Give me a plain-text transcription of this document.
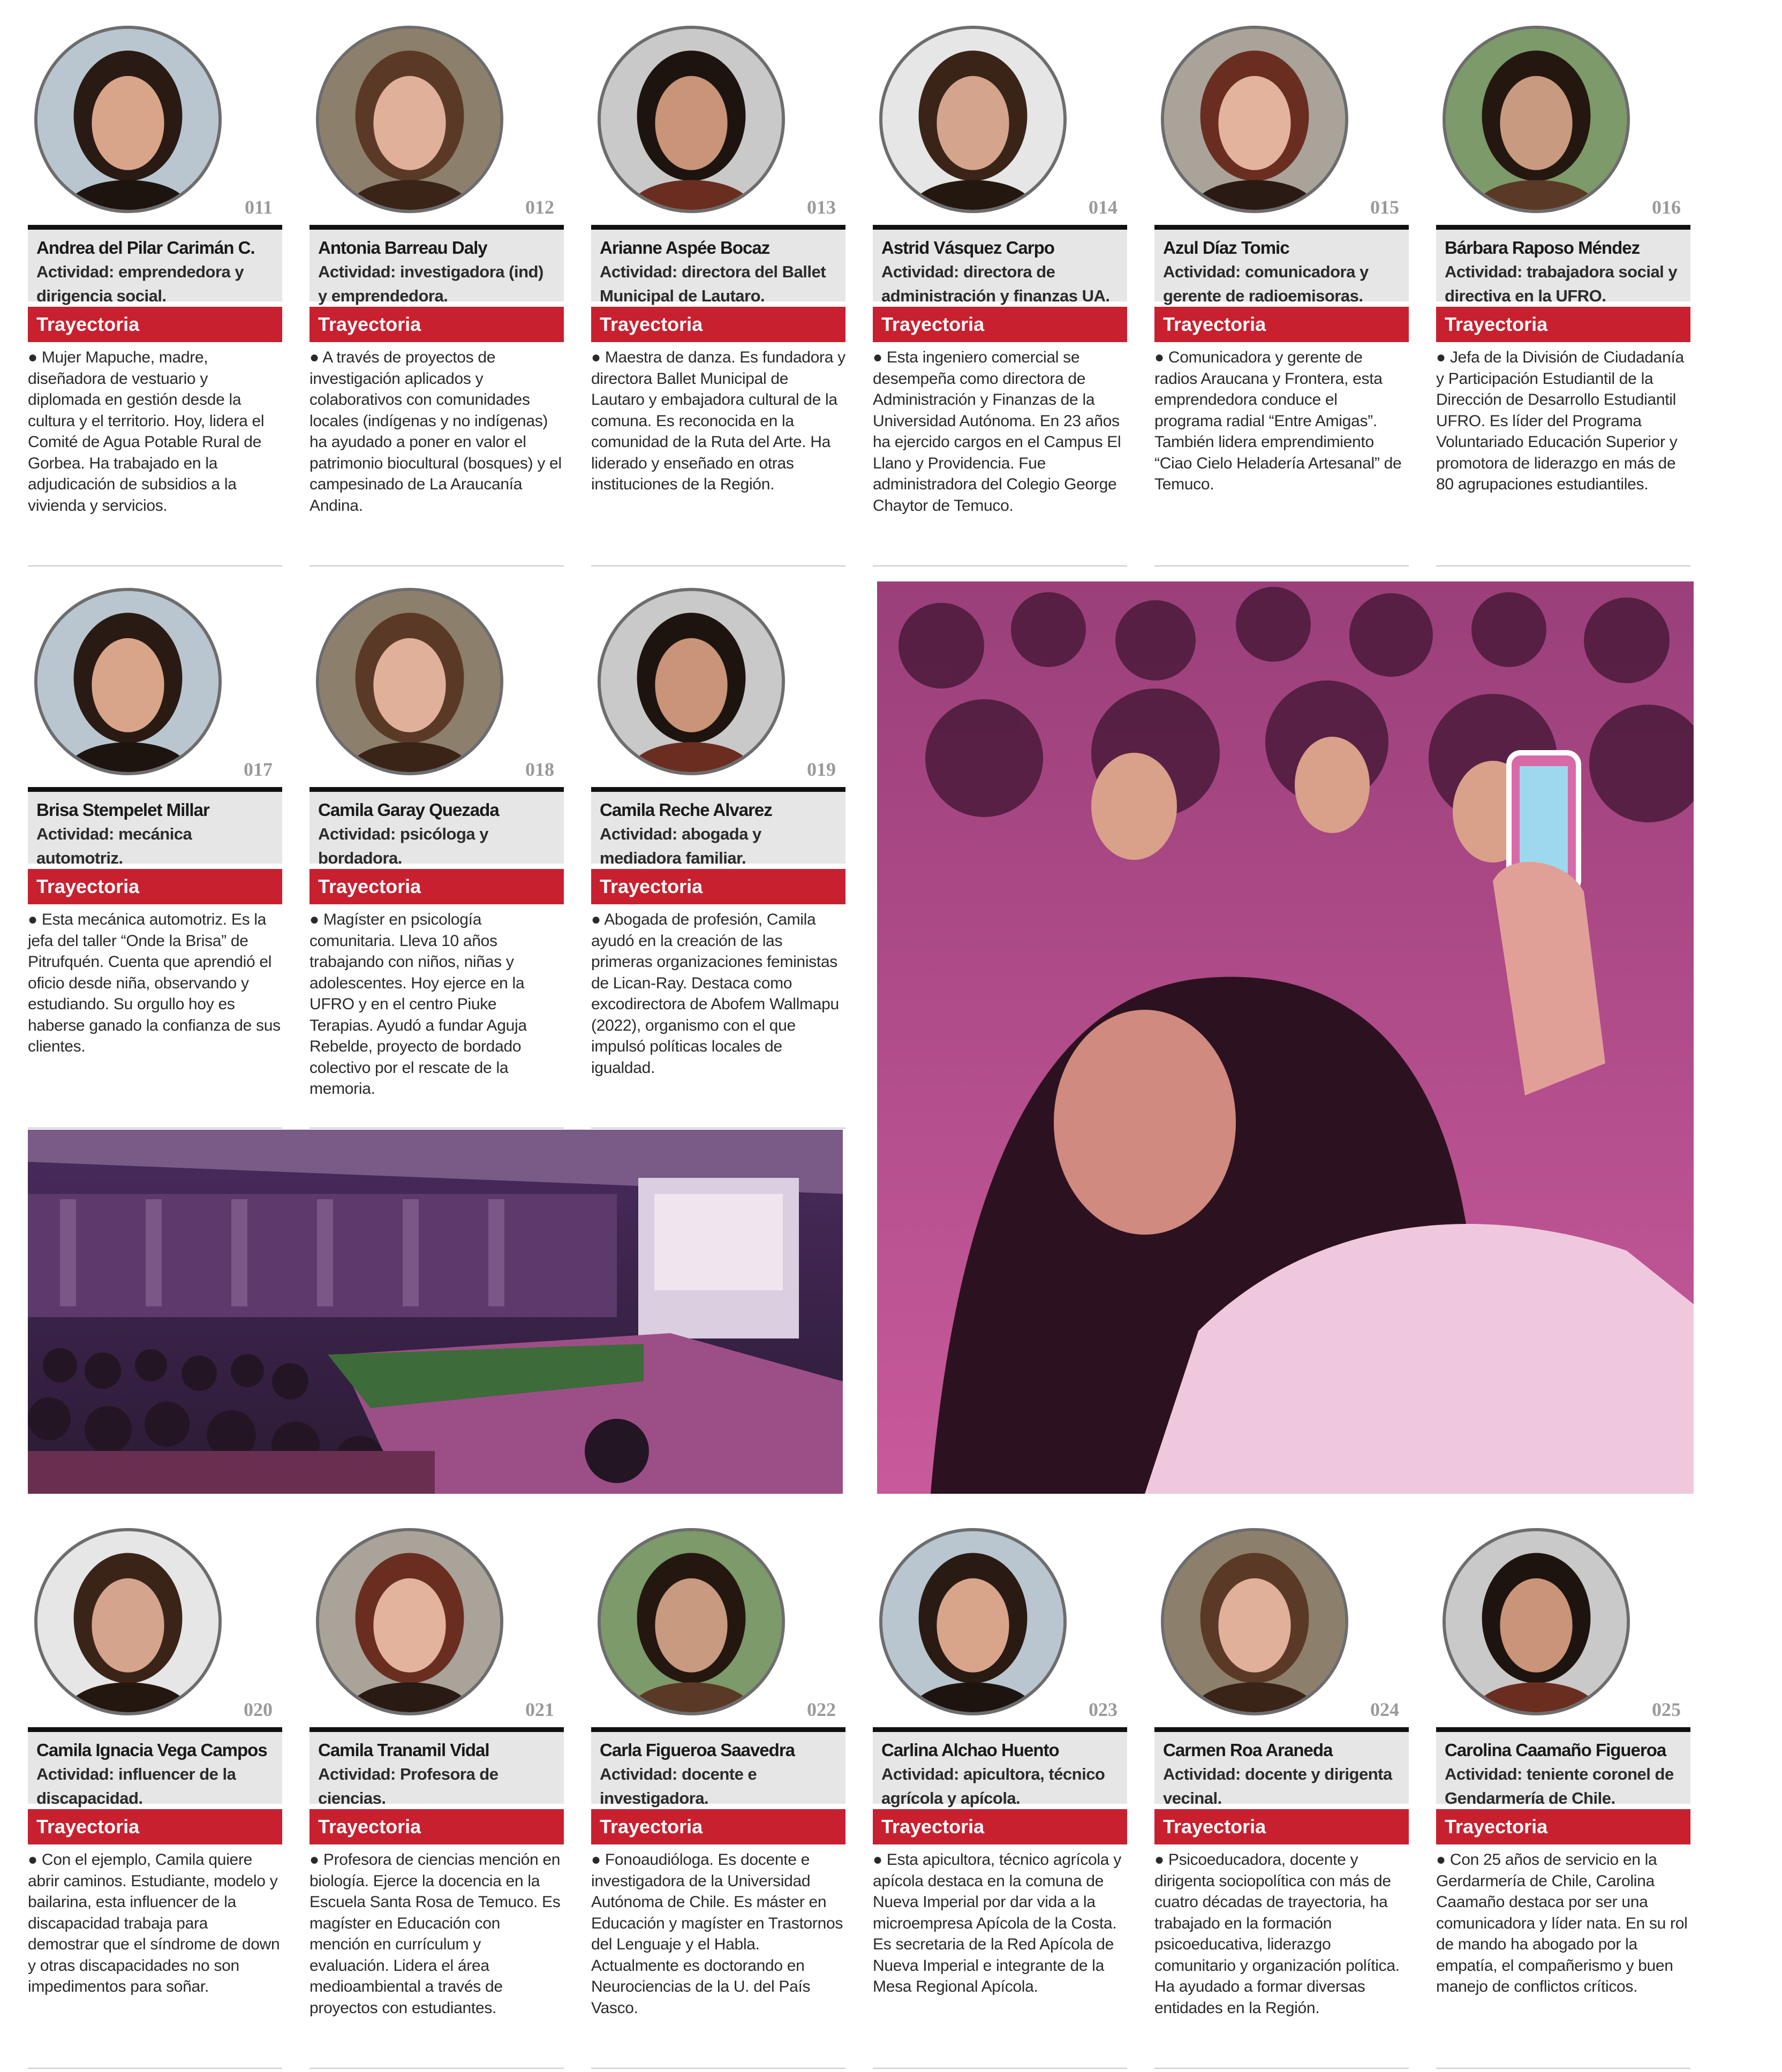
011
Andrea del Pilar Carimán C.
Actividad: emprendedora y dirigencia social.
Trayectoria
● Mujer Mapuche, madre, diseñadora de vestuario y diplomada en gestión desde la cultura y el territorio. Hoy, lidera el Comité de Agua Potable Rural de Gorbea. Ha trabajado en la adjudicación de subsidios a la vivienda y servicios.
012
Antonia Barreau Daly
Actividad: investigadora (ind) y emprendedora.
Trayectoria
● A través de proyectos de investigación aplicados y colaborativos con comunidades locales (indígenas y no indígenas) ha ayudado a poner en valor el patrimonio biocultural (bosques) y el campesinado de La Araucanía Andina.
013
Arianne Aspée Bocaz
Actividad: directora del Ballet Municipal de Lautaro.
Trayectoria
● Maestra de danza. Es fundadora y directora Ballet Municipal de Lautaro y embajadora cultural de la comuna. Es reconocida en la comunidad de la Ruta del Arte. Ha liderado y enseñado en otras instituciones de la Región.
014
Astrid Vásquez Carpo
Actividad: directora de administración y finanzas UA.
Trayectoria
● Esta ingeniero comercial se desempeña como directora de Administración y Finanzas de la Universidad Autónoma. En 23 años ha ejercido cargos en el Campus El Llano y Providencia. Fue administradora del Colegio George Chaytor de Temuco.
015
Azul Díaz Tomic
Actividad: comunicadora y gerente de radioemisoras.
Trayectoria
● Comunicadora y gerente de radios Araucana y Frontera, esta emprendedora conduce el programa radial “Entre Amigas”. También lidera emprendimiento “Ciao Cielo Heladería Artesanal” de Temuco.
016
Bárbara Raposo Méndez
Actividad: trabajadora social y directiva en la UFRO.
Trayectoria
● Jefa de la División de Ciudadanía y Participación Estudiantil de la Dirección de Desarrollo Estudiantil UFRO. Es líder del Programa Voluntariado Educación Superior y promotora de liderazgo en más de 80 agrupaciones estudiantiles.
017
Brisa Stempelet Millar
Actividad: mecánica automotriz.
Trayectoria
● Esta mecánica automotriz. Es la jefa del taller “Onde la Brisa” de Pitrufquén. Cuenta que aprendió el oficio desde niña, observando y estudiando. Su orgullo hoy es haberse ganado la confianza de sus clientes.
018
Camila Garay Quezada
Actividad: psicóloga y bordadora.
Trayectoria
● Magíster en psicología comunitaria. Lleva 10 años trabajando con niños, niñas y adolescentes. Hoy ejerce en la UFRO y en el centro Piuke Terapias. Ayudó a fundar Aguja Rebelde, proyecto de bordado colectivo por el rescate de la memoria.
019
Camila Reche Alvarez
Actividad: abogada y mediadora familiar.
Trayectoria
● Abogada de profesión, Camila ayudó en la creación de las primeras organizaciones feministas de Lican-Ray. Destaca como excodirectora de Abofem Wallmapu (2022), organismo con el que impulsó políticas locales de igualdad.
020
Camila Ignacia Vega Campos
Actividad: influencer de la discapacidad.
Trayectoria
● Con el ejemplo, Camila quiere abrir caminos. Estudiante, modelo y bailarina, esta influencer de la discapacidad trabaja para demostrar que el síndrome de down y otras discapacidades no son impedimentos para soñar.
021
Camila Tranamil Vidal
Actividad: Profesora de ciencias.
Trayectoria
● Profesora de ciencias mención en biología. Ejerce la docencia en la Escuela Santa Rosa de Temuco. Es magíster en Educación con mención en currículum y evaluación. Lidera el área medioambiental a través de proyectos con estudiantes.
022
Carla Figueroa Saavedra
Actividad: docente e investigadora.
Trayectoria
● Fonoaudióloga. Es docente e investigadora de la Universidad Autónoma de Chile. Es máster en Educación y magíster en Trastornos del Lenguaje y el Habla. Actualmente es doctorando en Neurociencias de la U. del País Vasco.
023
Carlina Alchao Huento
Actividad: apicultora, técnico agrícola y apícola.
Trayectoria
● Esta apicultora, técnico agrícola y apícola destaca en la comuna de Nueva Imperial por dar vida a la microempresa Apícola de la Costa. Es secretaria de la Red Apícola de Nueva Imperial e integrante de la Mesa Regional Apícola.
024
Carmen Roa Araneda
Actividad: docente y dirigenta vecinal.
Trayectoria
● Psicoeducadora, docente y dirigenta sociopolítica con más de cuatro décadas de trayectoria, ha trabajado en la formación psicoeducativa, liderazgo comunitario y organización política. Ha ayudado a formar diversas entidades en la Región.
025
Carolina Caamaño Figueroa
Actividad: teniente coronel de Gendarmería de Chile.
Trayectoria
● Con 25 años de servicio en la Gerdarmería de Chile, Carolina Caamaño destaca por ser una comunicadora y líder nata. En su rol de mando ha abogado por la empatía, el compañerismo y buen manejo de conflictos críticos.
